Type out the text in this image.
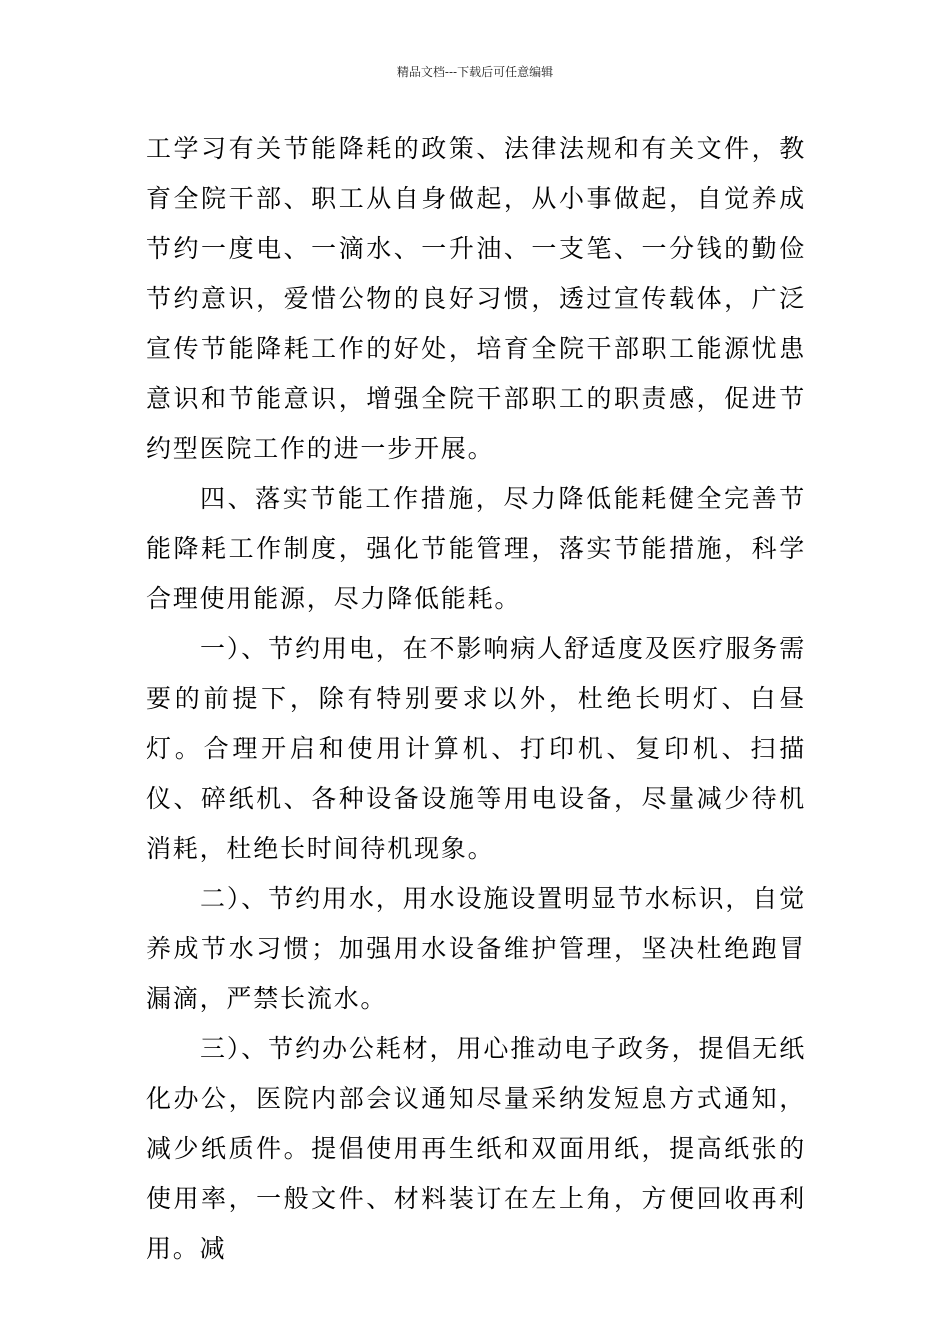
精品文档---下载后可任意编辑

工学习有关节能降耗的政策、法律法规和有关文件，教育全院干部、职工从自身做起，从小事做起，自觉养成节约一度电、一滴水、一升油、一支笔、一分钱的勤俭节约意识，爱惜公物的良好习惯，透过宣传载体，广泛宣传节能降耗工作的好处，培育全院干部职工能源忧患意识和节能意识，增强全院干部职工的职责感，促进节约型医院工作的进一步开展。

四、落实节能工作措施，尽力降低能耗健全完善节能降耗工作制度，强化节能管理，落实节能措施，科学合理使用能源，尽力降低能耗。

一）、节约用电，在不影响病人舒适度及医疗服务需要的前提下，除有特别要求以外，杜绝长明灯、白昼灯。合理开启和使用计算机、打印机、复印机、扫描仪、碎纸机、各种设备设施等用电设备，尽量减少待机消耗，杜绝长时间待机现象。

二）、节约用水，用水设施设置明显节水标识，自觉养成节水习惯；加强用水设备维护管理，坚决杜绝跑冒漏滴，严禁长流水。

三）、节约办公耗材，用心推动电子政务，提倡无纸化办公，医院内部会议通知尽量采纳发短息方式通知，减少纸质件。提倡使用再生纸和双面用纸，提高纸张的使用率，一般文件、材料装订在左上角，方便回收再利用。减
